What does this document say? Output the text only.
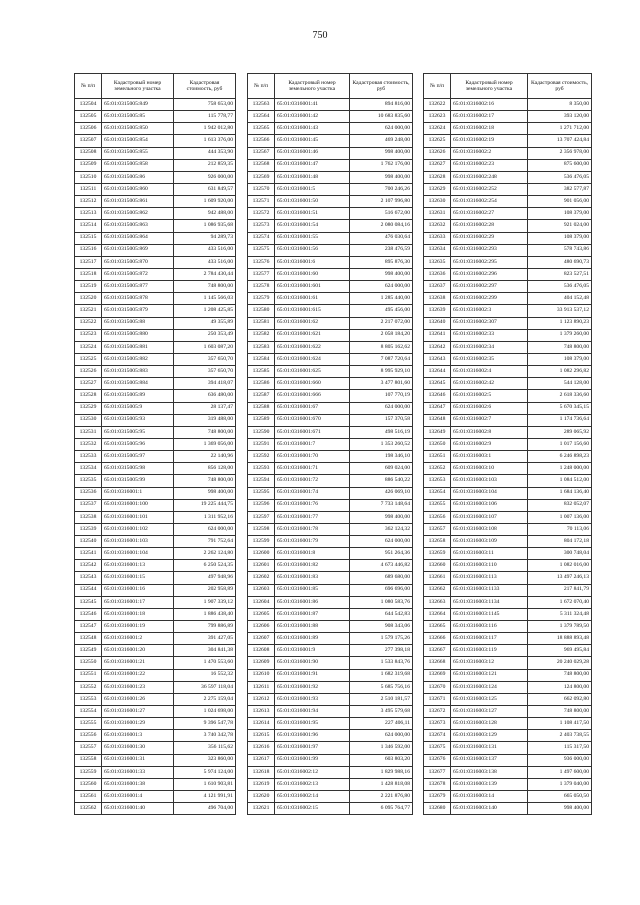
750
№ п/п	Кадастровый номер земельного участка	Кадастровая стоимость, руб
132504	65:01:0315005:849	758 653,00
132505	65:01:0315005:85	115 778,77
132506	65:01:0315005:850	1 942 012,80
132507	65:01:0315005:854	1 613 376,00
132508	65:01:0315005:855	444 353,90
132509	65:01:0315005:858	212 859,35
132510	65:01:0315005:86	926 000,00
132511	65:01:0315005:860	631 849,57
132512	65:01:0315005:861	1 609 920,00
132513	65:01:0315005:862	942 488,00
132514	65:01:0315005:863	1 086 935,68
132515	65:01:0315005:864	94 289,73
132516	65:01:0315005:869	433 516,00
132517	65:01:0315005:870	433 516,00
132518	65:01:0315005:872	2 784 430,44
132519	65:01:0315005:877	748 800,00
132520	65:01:0315005:878	1 145 566,03
132521	65:01:0315005:879	1 208 425,85
132522	65:01:0315005:88	49 355,89
132523	65:01:0315005:880	250 353,49
132524	65:01:0315005:881	1 603 087,20
132525	65:01:0315005:882	357 650,70
132526	65:01:0315005:883	357 650,70
132527	65:01:0315005:884	394 418,07
132528	65:01:0315005:89	636 480,00
132529	65:01:0315005:9	28 137,47
132530	65:01:0315005:93	319 488,00
132531	65:01:0315005:95	748 800,00
132532	65:01:0315005:96	1 369 056,00
132533	65:01:0315005:97	22 140,96
132534	65:01:0315005:98	856 128,00
132535	65:01:0315005:99	748 800,00
132536	65:01:0316001:1	998 400,00
132537	65:01:0316001:100	19 225 444,75
132538	65:01:0316001:101	1 311 952,16
132539	65:01:0316001:102	624 000,00
132540	65:01:0316001:103	791 752,64
132541	65:01:0316001:104	2 262 124,80
132542	65:01:0316001:13	6 250 524,35
132543	65:01:0316001:15	497 948,96
132544	65:01:0316001:16	202 958,89
132545	65:01:0316001:17	1 907 339,12
132546	65:01:0316001:18	1 886 438,40
132547	65:01:0316001:19	799 886,89
132548	65:01:0316001:2	391 427,05
132549	65:01:0316001:20	304 841,38
132550	65:01:0316001:21	1 470 553,60
132551	65:01:0316001:22	16 552,32
132552	65:01:0316001:23	36 597 118,04
132553	65:01:0316001:26	2 275 159,04
132554	65:01:0316001:27	1 024 698,00
132555	65:01:0316001:29	9 396 547,78
132556	65:01:0316001:3	3 740 342,78
132557	65:01:0316001:30	356 115,62
132558	65:01:0316001:31	323 860,00
132559	65:01:0316001:33	5 974 124,00
132560	65:01:0316001:38	1 610 903,81
132561	65:01:0316001:4	4 121 991,91
132562	65:01:0316001:40	496 704,00
№ п/п	Кадастровый номер земельного участка	Кадастровая стоимость, руб
132563	65:01:0316001:41	894 816,00
132564	65:01:0316001:42	10 683 835,60
132565	65:01:0316001:43	624 000,00
132566	65:01:0316001:45	469 248,00
132567	65:01:0316001:46	998 400,00
132568	65:01:0316001:47	1 762 176,00
132569	65:01:0316001:48	998 400,00
132570	65:01:0316001:5	700 246,26
132571	65:01:0316001:50	2 107 996,80
132572	65:01:0316001:51	516 672,00
132573	65:01:0316001:54	2 080 084,16
132574	65:01:0316001:55	476 030,64
132575	65:01:0316001:56	238 476,59
132576	65:01:0316001:6	895 876,30
132577	65:01:0316001:60	998 400,00
132578	65:01:0316001:601	624 000,00
132579	65:01:0316001:61	1 285 440,00
132580	65:01:0316001:615	495 456,00
132581	65:01:0316001:62	2 217 072,00
132582	65:01:0316001:621	2 058 184,20
132583	65:01:0316001:622	8 805 162,62
132584	65:01:0316001:624	7 087 720,64
132585	65:01:0316001:625	8 995 929,10
132586	65:01:0316001:660	3 477 801,60
132587	65:01:0316001:666	107 770,19
132588	65:01:0316001:67	624 000,00
132589	65:01:0316001:670	157 370,58
132590	65:01:0316001:671	498 516,19
132591	65:01:0316001:7	1 353 260,52
132592	65:01:0316001:70	198 346,10
132593	65:01:0316001:71	609 024,00
132594	65:01:0316001:72	886 540,22
132595	65:01:0316001:74	426 069,10
132596	65:01:0316001:76	7 733 148,64
132597	65:01:0316001:77	998 400,00
132598	65:01:0316001:78	362 124,32
132599	65:01:0316001:79	624 000,00
132600	65:01:0316001:8	951 264,36
132601	65:01:0316001:82	4 673 446,82
132602	65:01:0316001:83	689 680,00
132603	65:01:0316001:85	696 696,00
132604	65:01:0316001:86	1 080 583,76
132605	65:01:0316001:87	644 542,83
132606	65:01:0316001:88	908 343,06
132607	65:01:0316001:89	1 579 175,26
132608	65:01:0316001:9	277 398,18
132609	65:01:0316001:90	1 533 843,76
132610	65:01:0316001:91	1 682 319,68
132611	65:01:0316001:92	5 685 756,16
132612	65:01:0316001:93	2 510 181,57
132613	65:01:0316001:94	3 495 579,68
132614	65:01:0316001:95	227 406,11
132615	65:01:0316001:96	624 000,00
132616	65:01:0316001:97	1 346 592,00
132617	65:01:0316001:99	603 803,20
132618	65:01:0316002:12	1 829 988,16
132619	65:01:0316002:13	1 428 818,08
132620	65:01:0316002:14	2 221 876,80
132621	65:01:0316002:15	6 095 764,77
№ п/п	Кадастровый номер земельного участка	Кадастровая стоимость, руб
132622	65:01:0316002:16	8 350,00
132623	65:01:0316002:17	393 120,00
132624	65:01:0316002:18	1 271 712,00
132625	65:01:0316002:19	13 707 424,84
132626	65:01:0316002:2	2 356 978,00
132627	65:01:0316002:23	875 600,00
132628	65:01:0316002:248	536 476,05
132629	65:01:0316002:252	382 577,87
132630	65:01:0316002:254	901 056,00
132631	65:01:0316002:27	108 379,00
132632	65:01:0316002:28	921 024,00
132633	65:01:0316002:29	108 379,00
132634	65:01:0316002:293	578 743,86
132635	65:01:0316002:295	480 690,73
132636	65:01:0316002:296	823 527,51
132637	65:01:0316002:297	536 476,05
132638	65:01:0316002:299	404 152,48
132639	65:01:0316002:3	33 913 537,12
132640	65:01:0316002:307	1 123 890,23
132641	65:01:0316002:33	1 379 260,00
132642	65:01:0316002:34	748 800,00
132643	65:01:0316002:35	108 379,00
132644	65:01:0316002:4	1 082 296,82
132645	65:01:0316002:42	544 128,00
132646	65:01:0316002:5	2 618 336,60
132647	65:01:0316002:6	5 670 345,15
132648	65:01:0316002:7	1 174 736,64
132649	65:01:0316002:8	289 065,92
132650	65:01:0316002:9	1 017 156,60
132651	65:01:0316003:1	6 246 898,23
132652	65:01:0316003:10	1 248 000,00
132653	65:01:0316003:103	1 084 512,00
132654	65:01:0316003:104	1 684 136,40
132655	65:01:0316003:106	832 052,07
132656	65:01:0316003:107	1 007 136,00
132657	65:01:0316003:108	70 113,06
132658	65:01:0316003:109	804 172,18
132659	65:01:0316003:11	300 748,04
132660	65:01:0316003:110	1 082 016,00
132661	65:01:0316003:113	13 497 246,13
132662	65:01:0316003:1133	217 841,79
132663	65:01:0316003:1134	1 672 070,40
132664	65:01:0316003:1145	5 311 324,48
132665	65:01:0316003:116	1 379 789,50
132666	65:01:0316003:117	18 888 893,48
132667	65:01:0316003:119	969 495,84
132668	65:01:0316003:12	20 240 029,28
132669	65:01:0316003:121	748 800,00
132670	65:01:0316003:124	124 800,00
132671	65:01:0316003:125	662 092,80
132672	65:01:0316003:127	748 800,00
132673	65:01:0316003:128	1 108 417,50
132674	65:01:0316003:129	2 403 738,55
132675	65:01:0316003:131	115 317,50
132676	65:01:0316003:137	936 000,00
132677	65:01:0316003:138	1 497 600,00
132678	65:01:0316003:139	1 379 040,00
132679	65:01:0316003:14	665 050,50
132680	65:01:0316003:140	998 400,00
